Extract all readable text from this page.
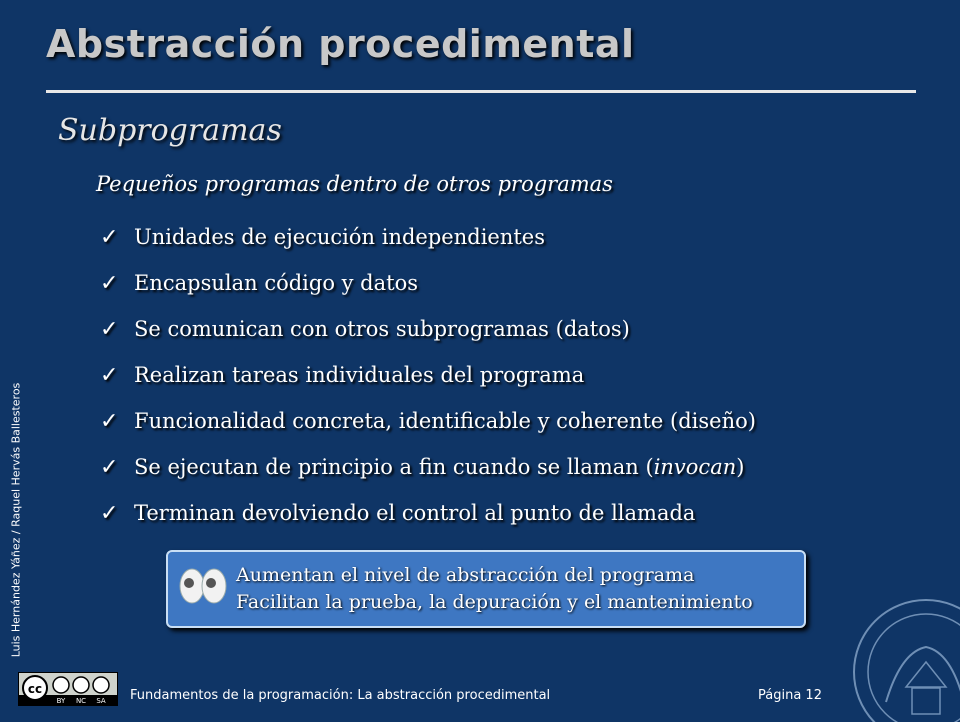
Abstracción procedimental
Subprogramas
Pequeños programas dentro de otros programas
✓ Unidades de ejecución independientes
✓ Encapsulan código y datos
✓ Se comunican con otros subprogramas (datos)
✓ Realizan tareas individuales del programa
✓ Funcionalidad concreta, identificable y coherente (diseño)
✓ Se ejecutan de principio a fin cuando se llaman (invocan)
✓ Terminan devolviendo el control al punto de llamada
Aumentan el nivel de abstracción del programa
Facilitan la prueba, la depuración y el mantenimiento
Luis Hernández Yáñez / Raquel Hervás Ballesteros
cc
BY NC SA Fundamentos de la programación: La abstracción procedimental	Página 12
